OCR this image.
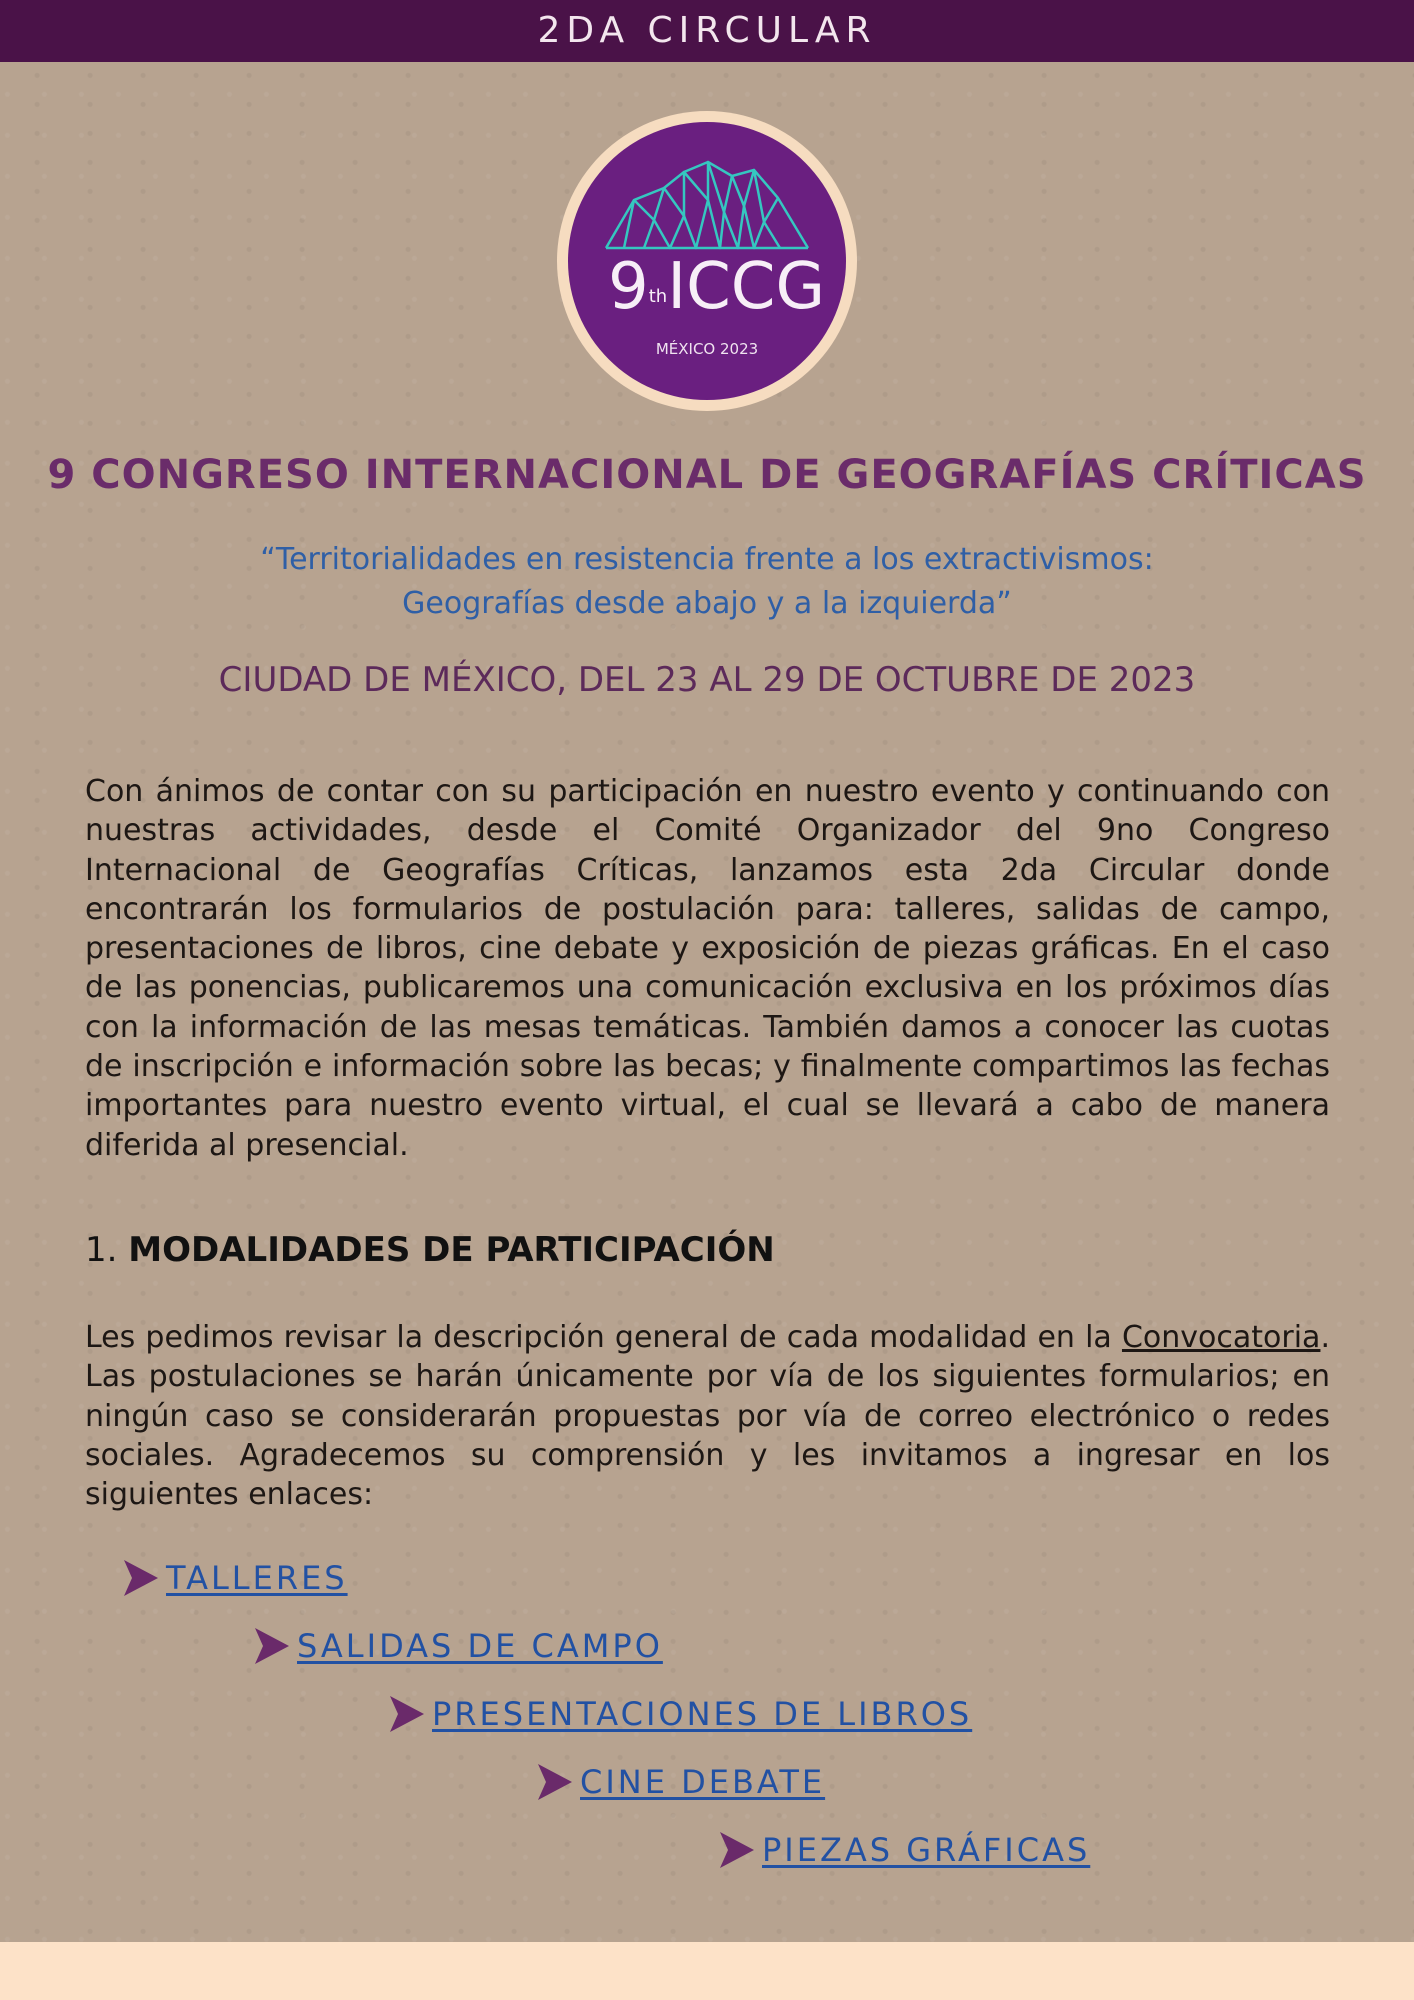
2DA CIRCULAR
9thICCG
MÉXICO 2023
9 CONGRESO INTERNACIONAL DE GEOGRAFÍAS CRÍTICAS
“Territorialidades en resistencia frente a los extractivismos:
Geografías desde abajo y a la izquierda”
CIUDAD DE MÉXICO, DEL 23 AL 29 DE OCTUBRE DE 2023
Con ánimos de contar con su participación en nuestro evento y continuando con nuestras actividades, desde el Comité Organizador del 9no Congreso Internacional de Geografías Críticas, lanzamos esta 2da Circular donde encontrarán los formularios de postulación para: talleres, salidas de campo, presentaciones de libros, cine debate y exposición de piezas gráficas. En el caso de las ponencias, publicaremos una comunicación exclusiva en los próximos días con la información de las mesas temáticas. También damos a conocer las cuotas de inscripción e información sobre las becas; y finalmente compartimos las fechas importantes para nuestro evento virtual, el cual se llevará a cabo de manera diferida al presencial.
1. MODALIDADES DE PARTICIPACIÓN
Les pedimos revisar la descripción general de cada modalidad en la Convocatoria. Las postulaciones se harán únicamente por vía de los siguientes formularios; en ningún caso se considerarán propuestas por vía de correo electrónico o redes sociales. Agradecemos su comprensión y les invitamos a ingresar en los siguientes enlaces:
TALLERES
SALIDAS DE CAMPO
PRESENTACIONES DE LIBROS
CINE DEBATE
PIEZAS GRÁFICAS
